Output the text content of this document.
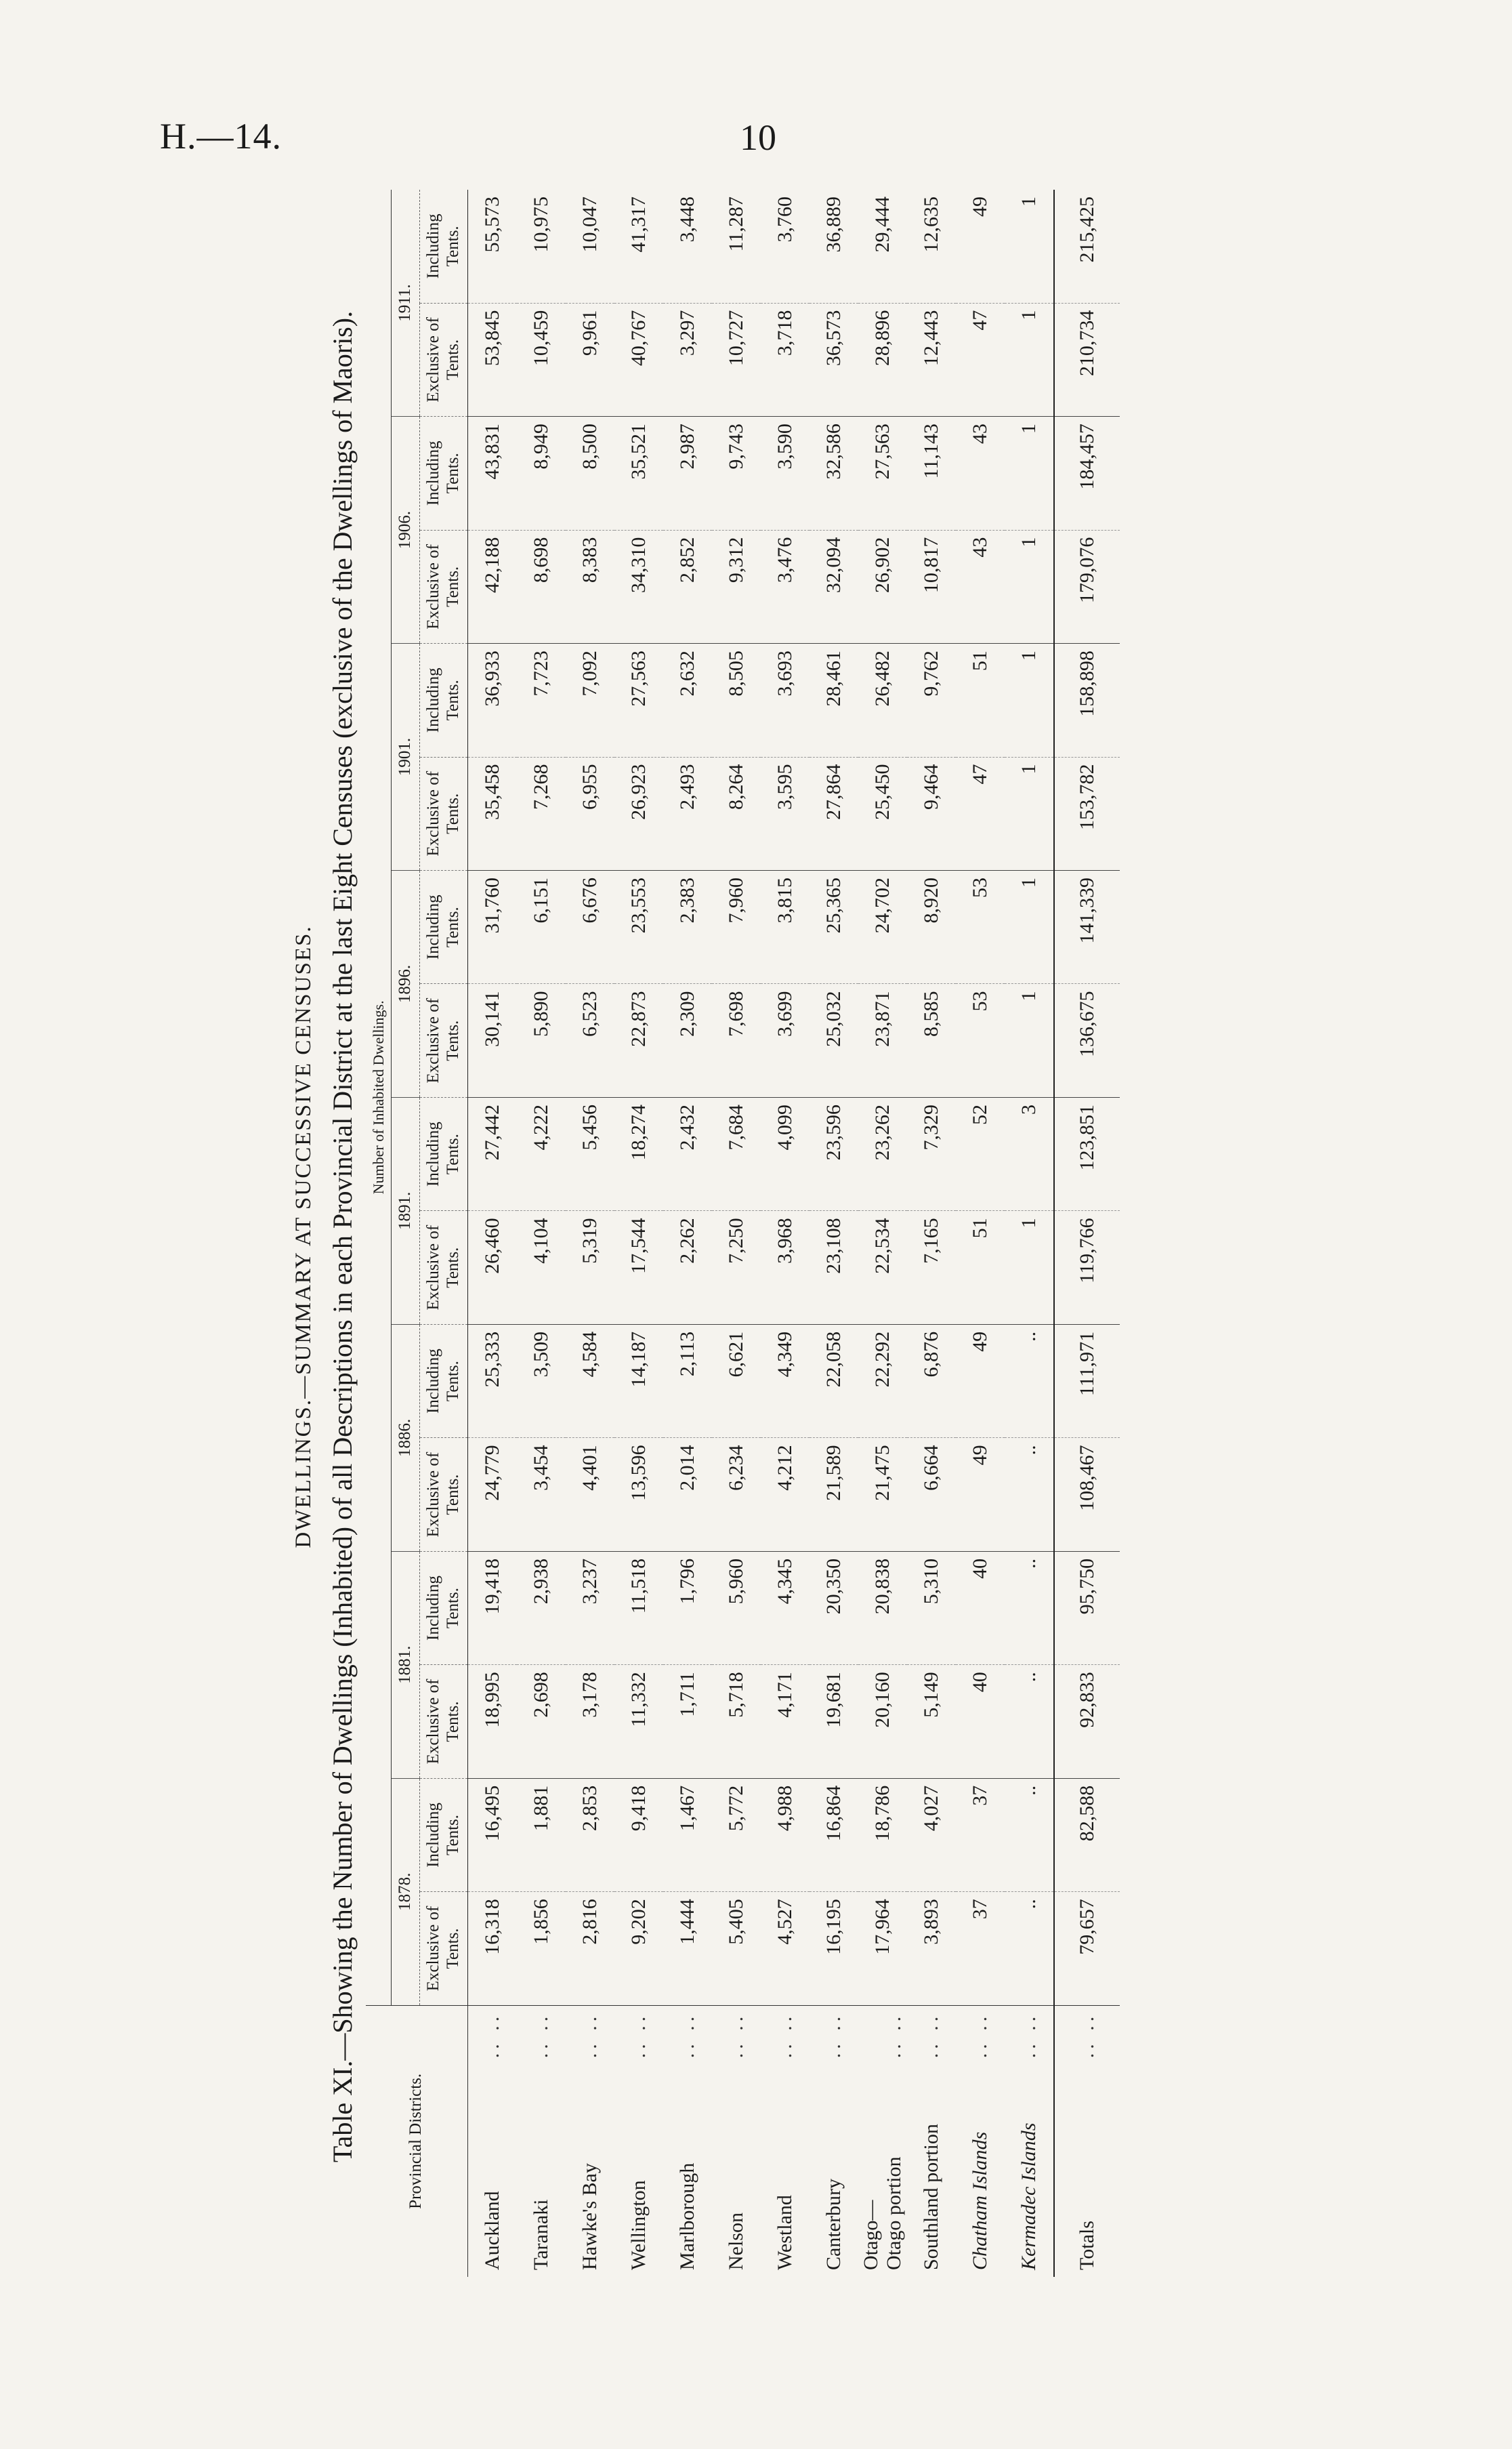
H.—14.	10
DWELLINGS.—SUMMARY AT SUCCESSIVE CENSUSES. Table XI.—Showing the Number of Dwellings (Inhabited) of all Descriptions in each Provincial District at the last Eight Censuses (exclusive of the Dwellings of Maoris).	Provincial Districts.	Number of Inhabited Dwellings.															
	1878.		1881.		1886.		1891.		1896.		1901.		1906.		1911.	
	Exclusive of Tents.	Including Tents.	Exclusive of Tents.	Including Tents.	Exclusive of Tents.	Including Tents.	Exclusive of Tents.	Including Tents.	Exclusive of Tents.	Including Tents.	Exclusive of Tents.	Including Tents.	Exclusive of Tents.	Including Tents.	Exclusive of Tents.	Including Tents.
Auckland
.. ..	16,318	16,495	18,995	19,418	24,779	25,333	26,460	27,442	30,141	31,760	35,458	36,933	42,188	43,831	53,845	55,573
Taranaki
.. ..	1,856	1,881	2,698	2,938	3,454	3,509	4,104	4,222	5,890	6,151	7,268	7,723	8,698	8,949	10,459	10,975
Hawke's Bay
.. ..	2,816	2,853	3,178	3,237	4,401	4,584	5,319	5,456	6,523	6,676	6,955	7,092	8,383	8,500	9,961	10,047
Wellington
.. ..	9,202	9,418	11,332	11,518	13,596	14,187	17,544	18,274	22,873	23,553	26,923	27,563	34,310	35,521	40,767	41,317
Marlborough
.. ..	1,444	1,467	1,711	1,796	2,014	2,113	2,262	2,432	2,309	2,383	2,493	2,632	2,852	2,987	3,297	3,448
Nelson
.. ..	5,405	5,772	5,718	5,960	6,234	6,621	7,250	7,684	7,698	7,960	8,264	8,505	9,312	9,743	10,727	11,287
Westland
.. ..	4,527	4,988	4,171	4,345	4,212	4,349	3,968	4,099	3,699	3,815	3,595	3,693	3,476	3,590	3,718	3,760
Canterbury
.. ..	16,195	16,864	19,681	20,350	21,589	22,058	23,108	23,596	25,032	25,365	27,864	28,461	32,094	32,586	36,573	36,889
Otago—
Otago portion
.. ..	17,964	18,786	20,160	20,838	21,475	22,292	22,534	23,262	23,871	24,702	25,450	26,482	26,902	27,563	28,896	29,444
Southland portion
.. ..	3,893	4,027	5,149	5,310	6,664	6,876	7,165	7,329	8,585	8,920	9,464	9,762	10,817	11,143	12,443	12,635
Chatham Islands
.. ..	37	37	40	40	49	49	51	52	53	53	47	51	43	43	47	49
Kermadec Islands
.. ..	..	..	..	..	..	..	1	3	1	1	1	1	1	1	1	1
Totals
.. ..	79,657	82,588	92,833	95,750	108,467	111,971	119,766	123,851	136,675	141,339	153,782	158,898	179,076	184,457	210,734	215,425
